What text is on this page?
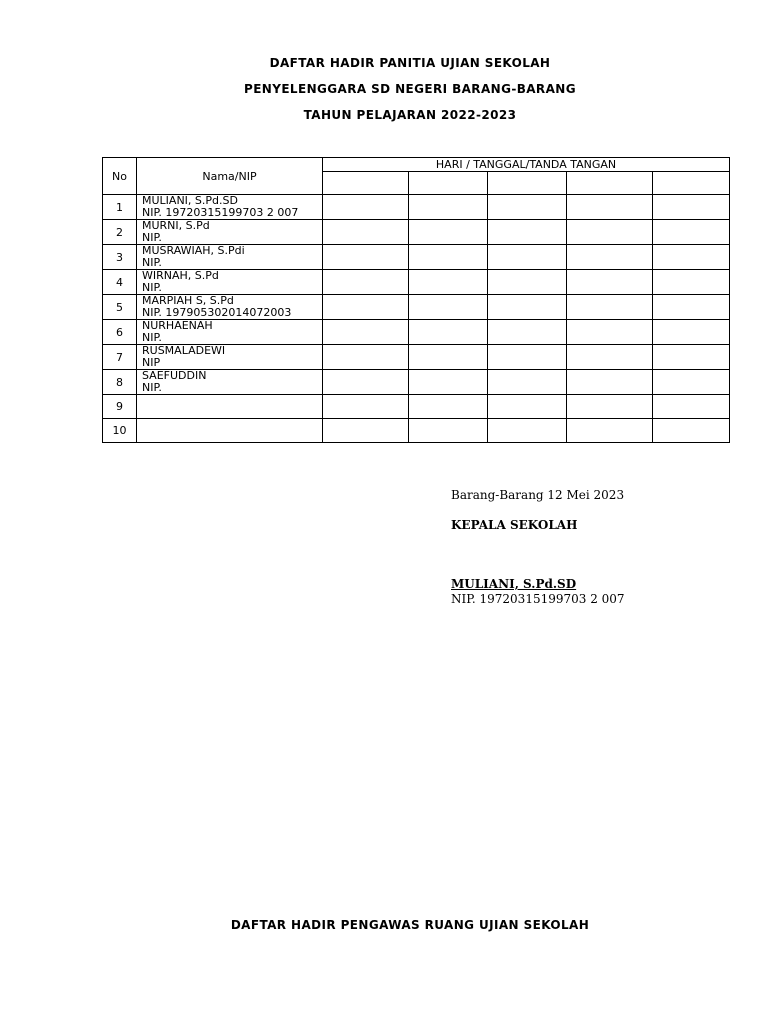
DAFTAR HADIR PANITIA UJIAN SEKOLAH
PENYELENGGARA SD NEGERI BARANG-BARANG
TAHUN PELAJARAN 2022-2023
No	Nama/NIP	HARI / TANGGAL/TANDA TANGAN				

1	MULIANI, S.Pd.SD
NIP. 19720315199703 2 007					

2	MURNI, S.Pd
NIP.					

3	MUSRAWIAH, S.Pdi
NIP.					

4	WIRNAH, S.Pd
NIP.					

5	MARPIAH S, S.Pd
NIP. 197905302014072003					

6	NURHAENAH
NIP.					

7	RUSMALADEWI
NIP					

8	SAEFUDDIN
NIP.					

9	

10	

Barang-Barang 12 Mei 2023
KEPALA SEKOLAH
MULIANI, S.Pd.SD
NIP. 19720315199703 2 007
DAFTAR HADIR PENGAWAS RUANG UJIAN SEKOLAH
